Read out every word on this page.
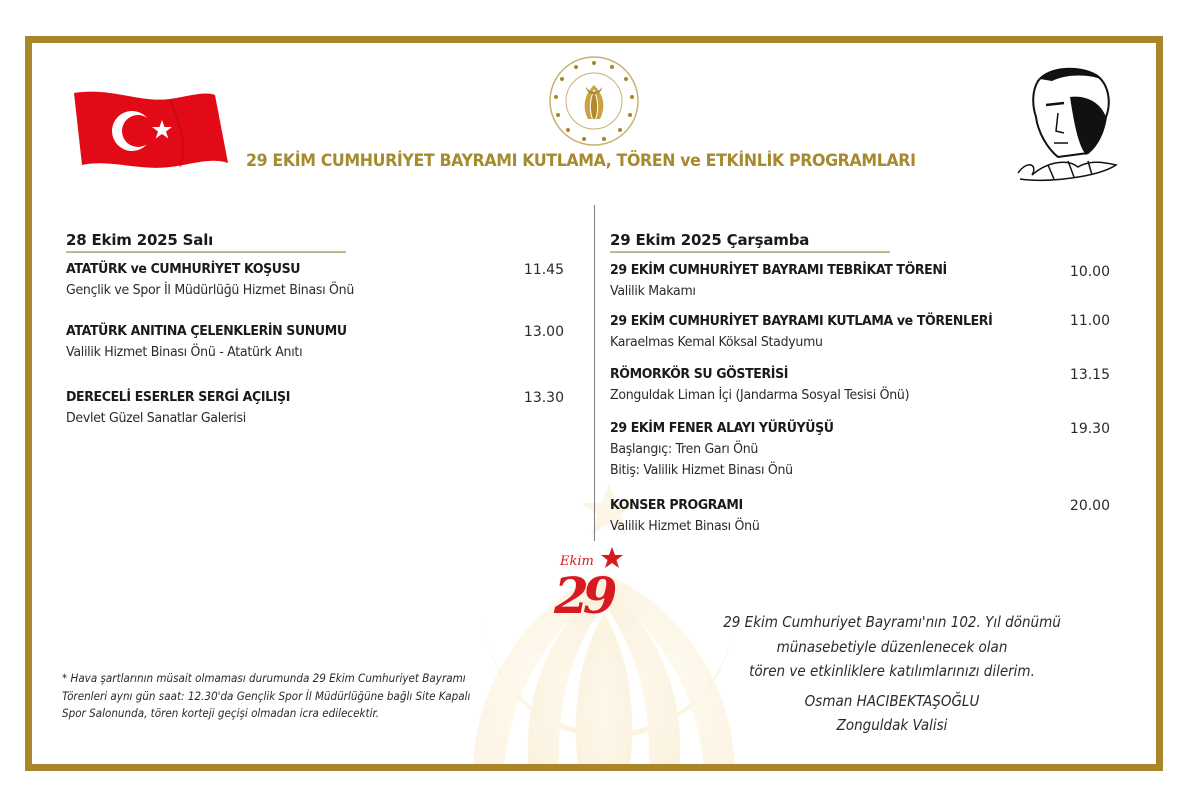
29 EKİM CUMHURİYET BAYRAMI KUTLAMA, TÖREN ve ETKİNLİK PROGRAMLARI
28 Ekim 2025 Salı
ATATÜRK ve CUMHURİYET KOŞUSU
Gençlik ve Spor İl Müdürlüğü Hizmet Binası Önü
11.45
ATATÜRK ANITINA ÇELENKLERİN SUNUMU
Valilik Hizmet Binası Önü - Atatürk Anıtı
13.00
DERECELİ ESERLER SERGİ AÇILIŞI
Devlet Güzel Sanatlar Galerisi
13.30
29 Ekim 2025 Çarşamba
29 EKİM CUMHURİYET BAYRAMI TEBRİKAT TÖRENİ
Valilik Makamı
10.00
29 EKİM CUMHURİYET BAYRAMI KUTLAMA ve TÖRENLERİ
Karaelmas Kemal Köksal Stadyumu
11.00
RÖMORKÖR SU GÖSTERİSİ
Zonguldak Liman İçi (Jandarma Sosyal Tesisi Önü)
13.15
29 EKİM FENER ALAYI YÜRÜYÜŞÜ
Başlangıç: Tren Garı Önü
Bitiş: Valilik Hizmet Binası Önü
19.30
KONSER PROGRAMI
Valilik Hizmet Binası Önü
20.00
Ekim
29
* Hava şartlarının müsait olmaması durumunda 29 Ekim Cumhuriyet Bayramı
Törenleri aynı gün saat: 12.30'da Gençlik Spor İl Müdürlüğüne bağlı Site Kapalı
Spor Salonunda, tören korteji geçişi olmadan icra edilecektir.
29 Ekim Cumhuriyet Bayramı'nın 102. Yıl dönümü
münasebetiyle düzenlenecek olan
tören ve etkinliklere katılımlarınızı dilerim.
Osman HACIBEKTAŞOĞLU
Zonguldak Valisi
